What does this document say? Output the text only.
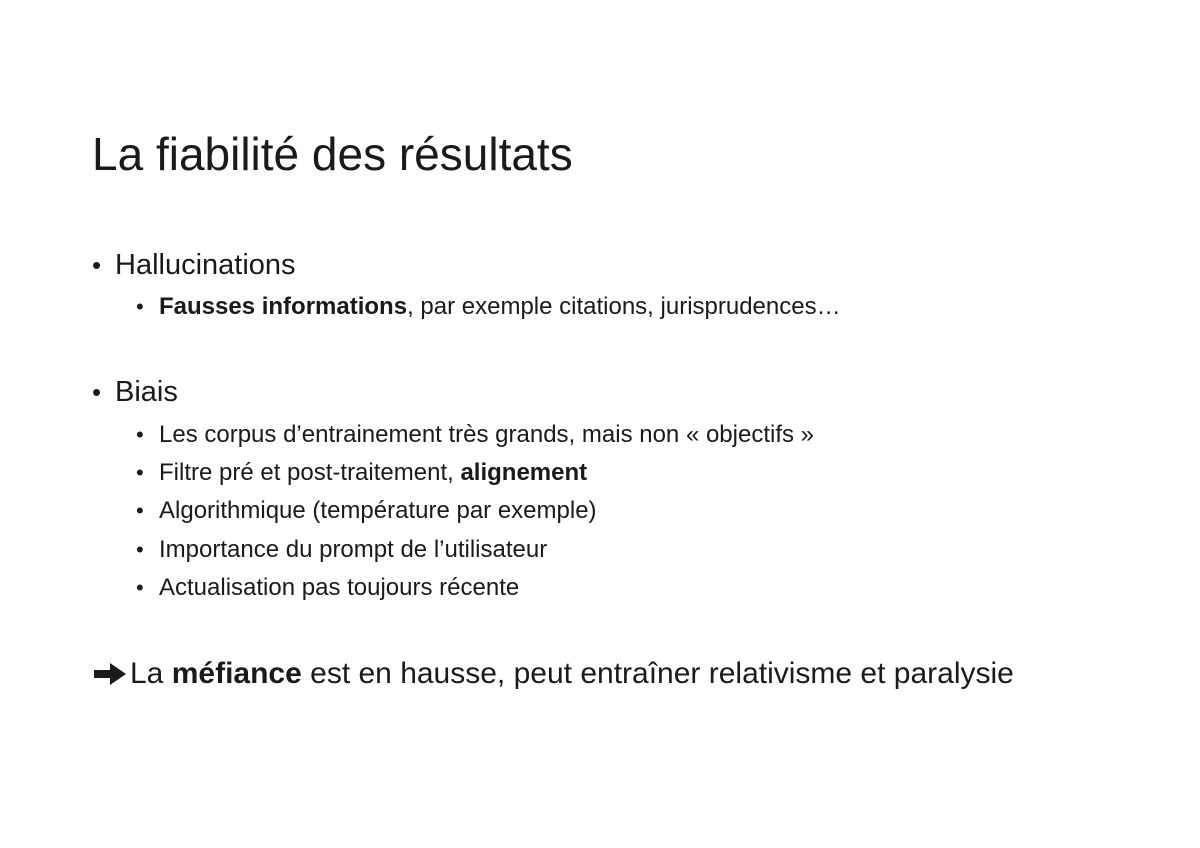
La fiabilité des résultats
• Hallucinations
• Fausses informations, par exemple citations, jurisprudences…
• Biais
• Les corpus d’entrainement très grands, mais non « objectifs »
• Filtre pré et post-traitement, alignement
• Algorithmique (température par exemple)
• Importance du prompt de l’utilisateur
• Actualisation pas toujours récente
La méfiance est en hausse, peut entraîner relativisme et paralysie
